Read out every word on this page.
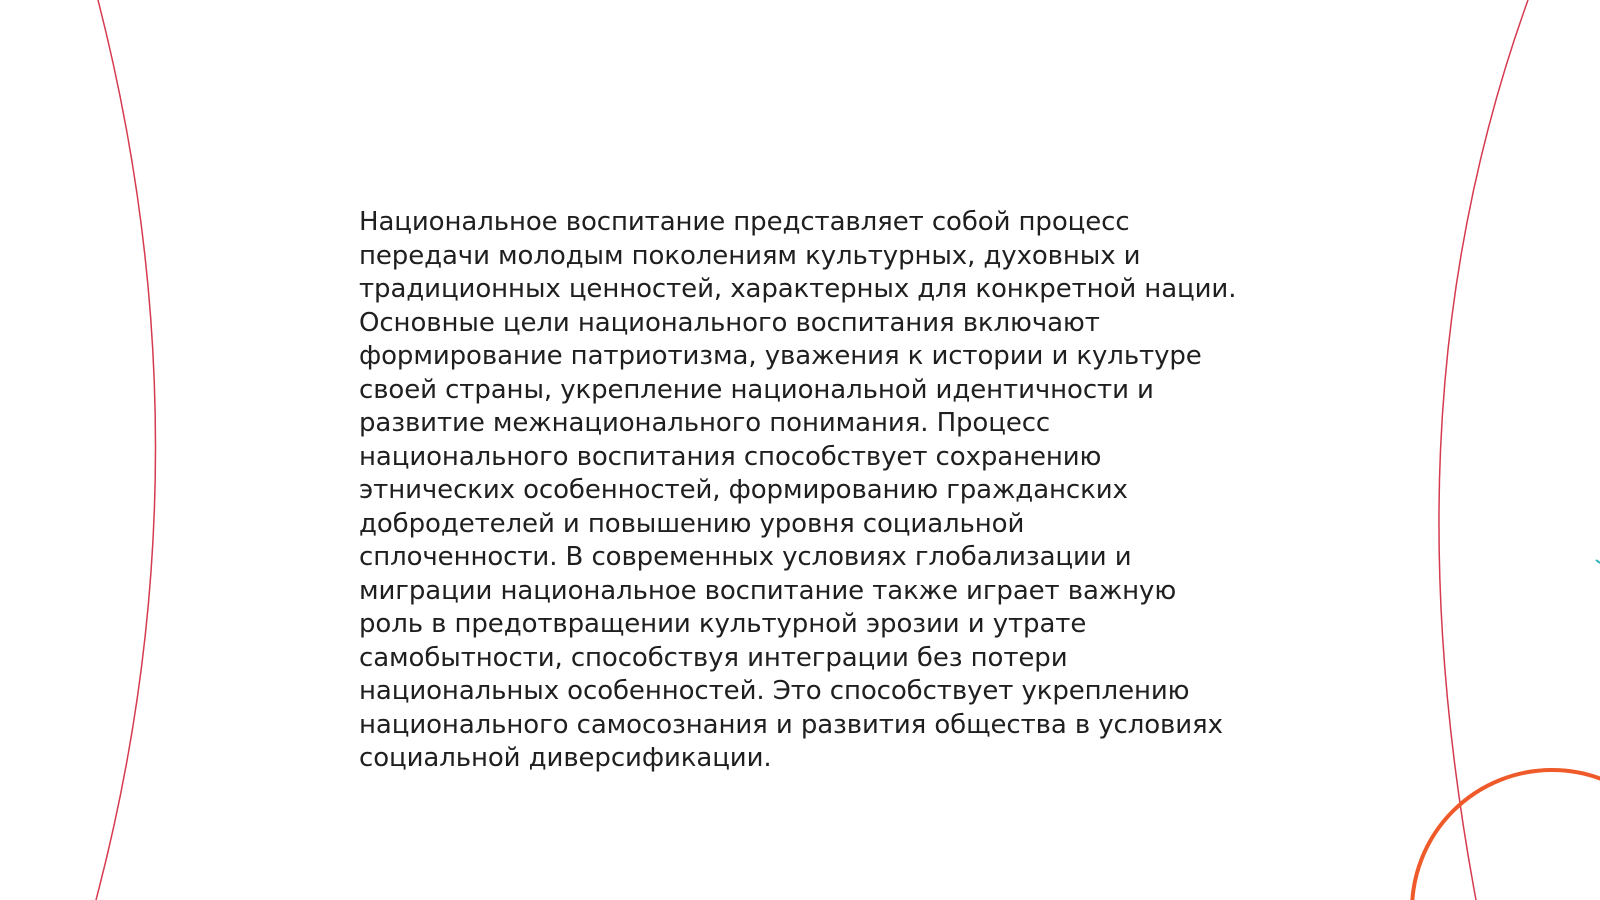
Национальное воспитание представляет собой процесс
передачи молодым поколениям культурных, духовных и
традиционных ценностей, характерных для конкретной нации.
Основные цели национального воспитания включают
формирование патриотизма, уважения к истории и культуре
своей страны, укрепление национальной идентичности и
развитие межнационального понимания. Процесс
национального воспитания способствует сохранению
этнических особенностей, формированию гражданских
добродетелей и повышению уровня социальной
сплоченности. В современных условиях глобализации и
миграции национальное воспитание также играет важную
роль в предотвращении культурной эрозии и утрате
самобытности, способствуя интеграции без потери
национальных особенностей. Это способствует укреплению
национального самосознания и развития общества в условиях
социальной диверсификации.
